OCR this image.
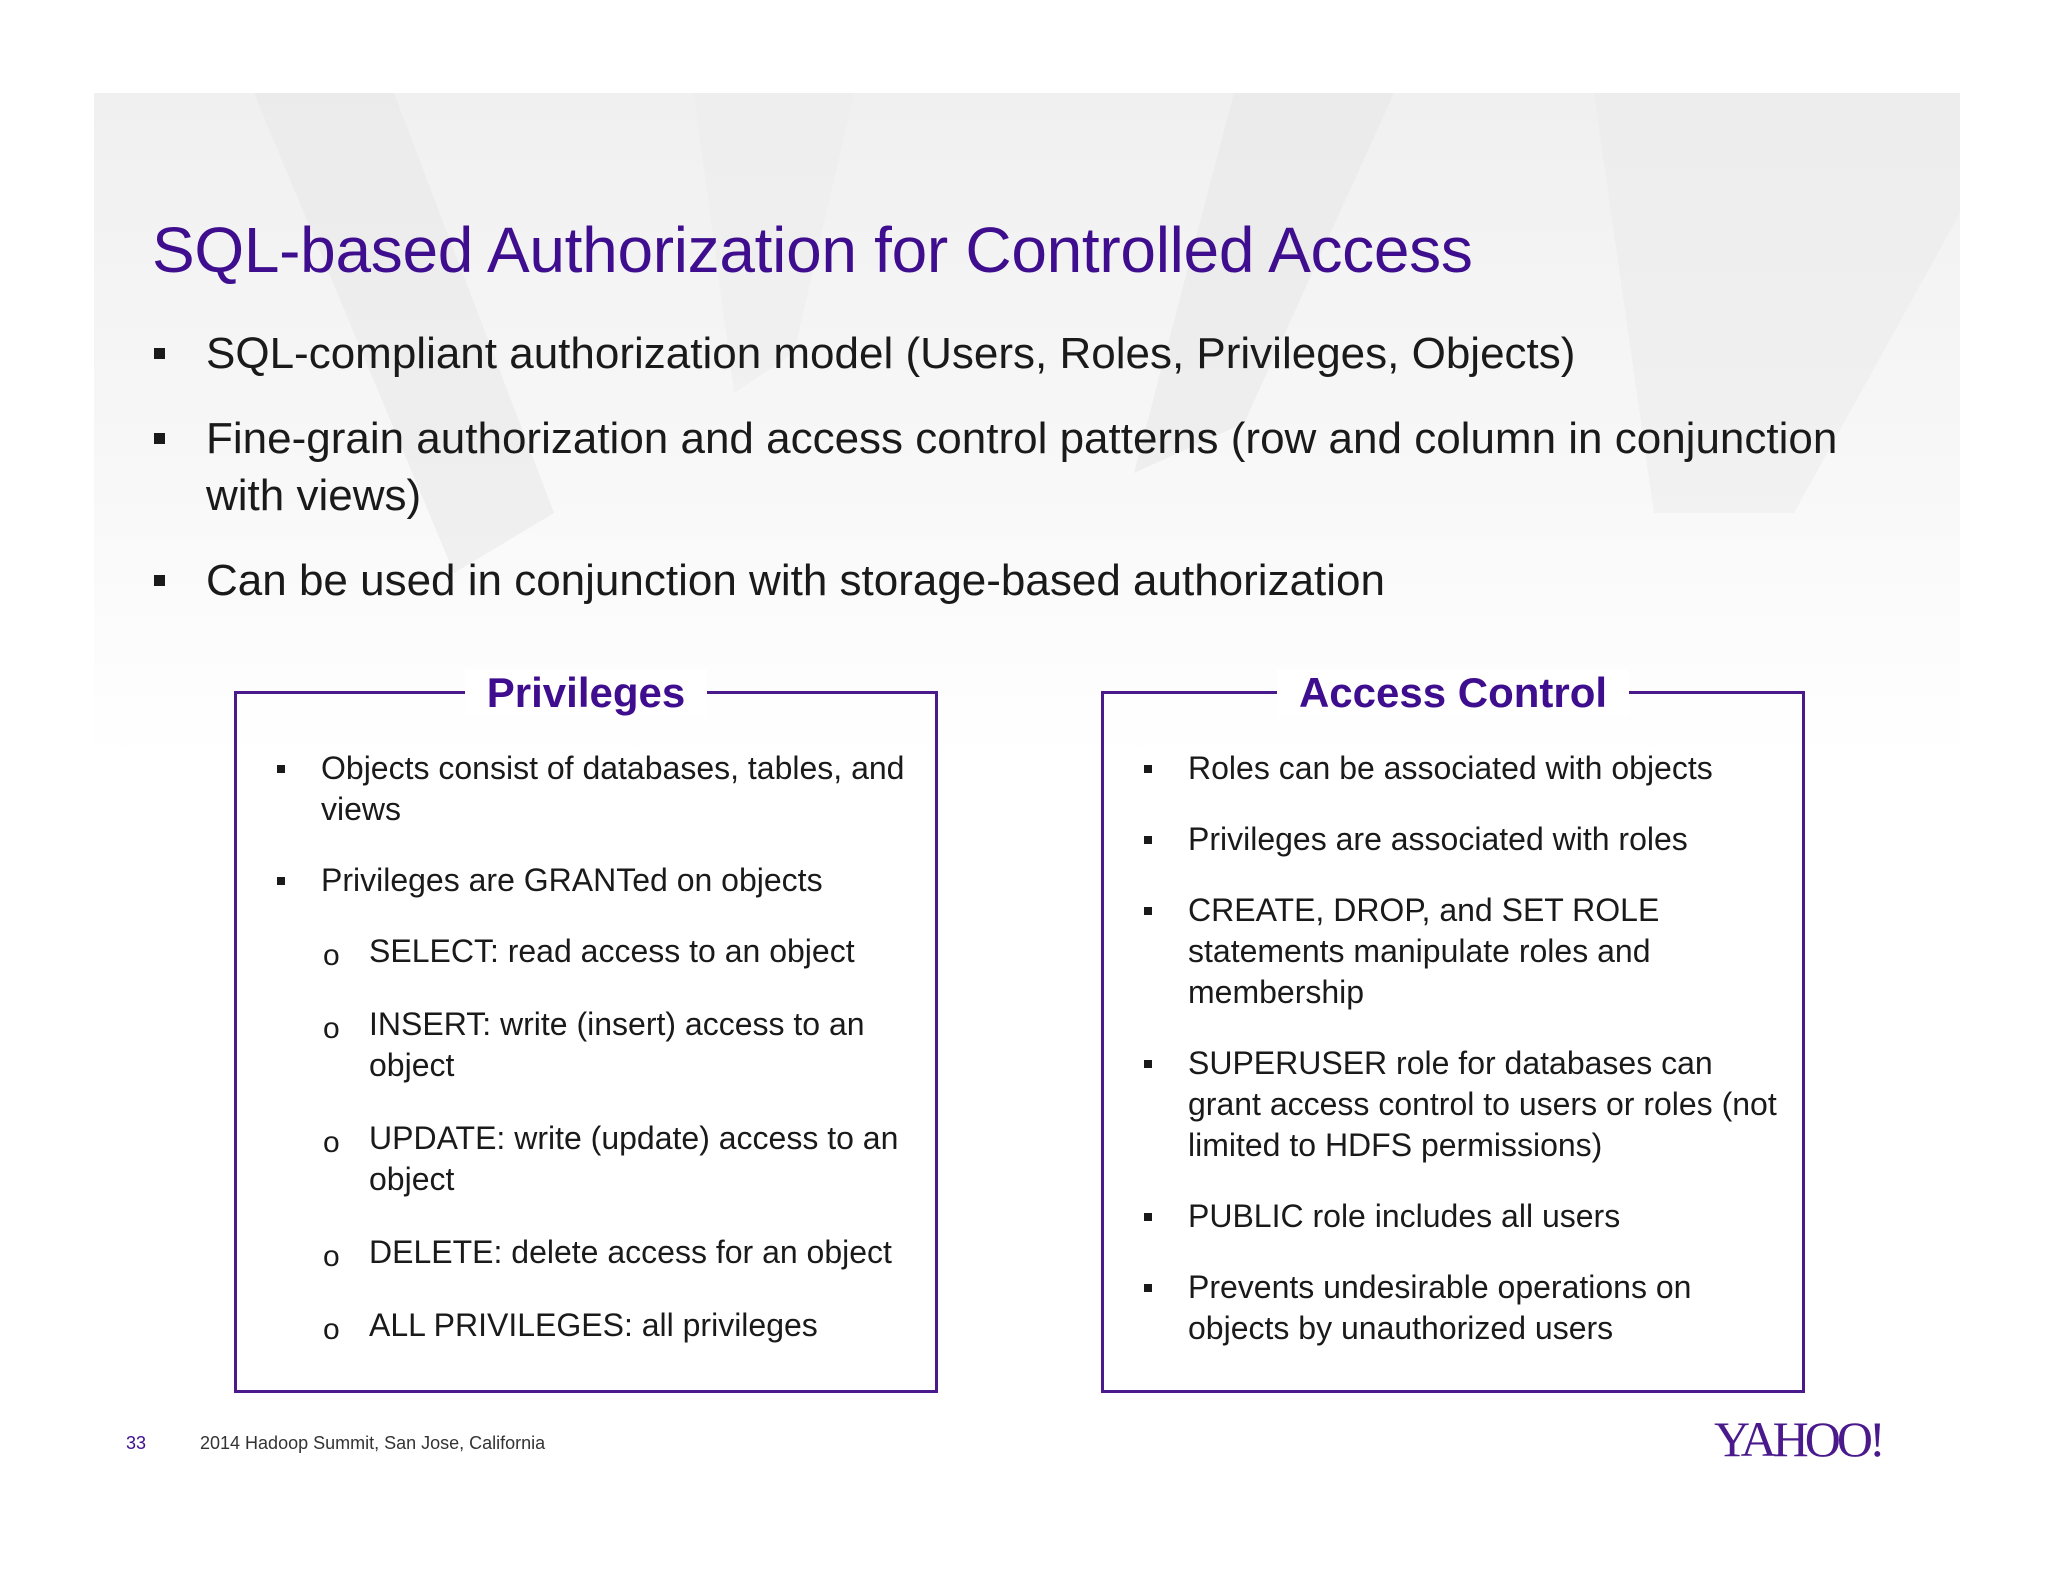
SQL-based Authorization for Controlled Access
SQL-compliant authorization model (Users, Roles, Privileges, Objects)
Fine-grain authorization and access control patterns (row and column in conjunction with views)
Can be used in conjunction with storage-based authorization
Privileges
Objects consist of databases, tables, and views
Privileges are GRANTed on objects
o SELECT: read access to an object
o INSERT: write (insert) access to an object
o UPDATE: write (update) access to an object
o DELETE: delete access for an object
o ALL PRIVILEGES: all privileges
Access Control
Roles can be associated with objects
Privileges are associated with roles
CREATE, DROP, and SET ROLE statements manipulate roles and membership
SUPERUSER role for databases can grant access control to users or roles (not limited to HDFS permissions)
PUBLIC role includes all users
Prevents undesirable operations on objects by unauthorized users
33	2014 Hadoop Summit, San Jose, California	YAHOO!
